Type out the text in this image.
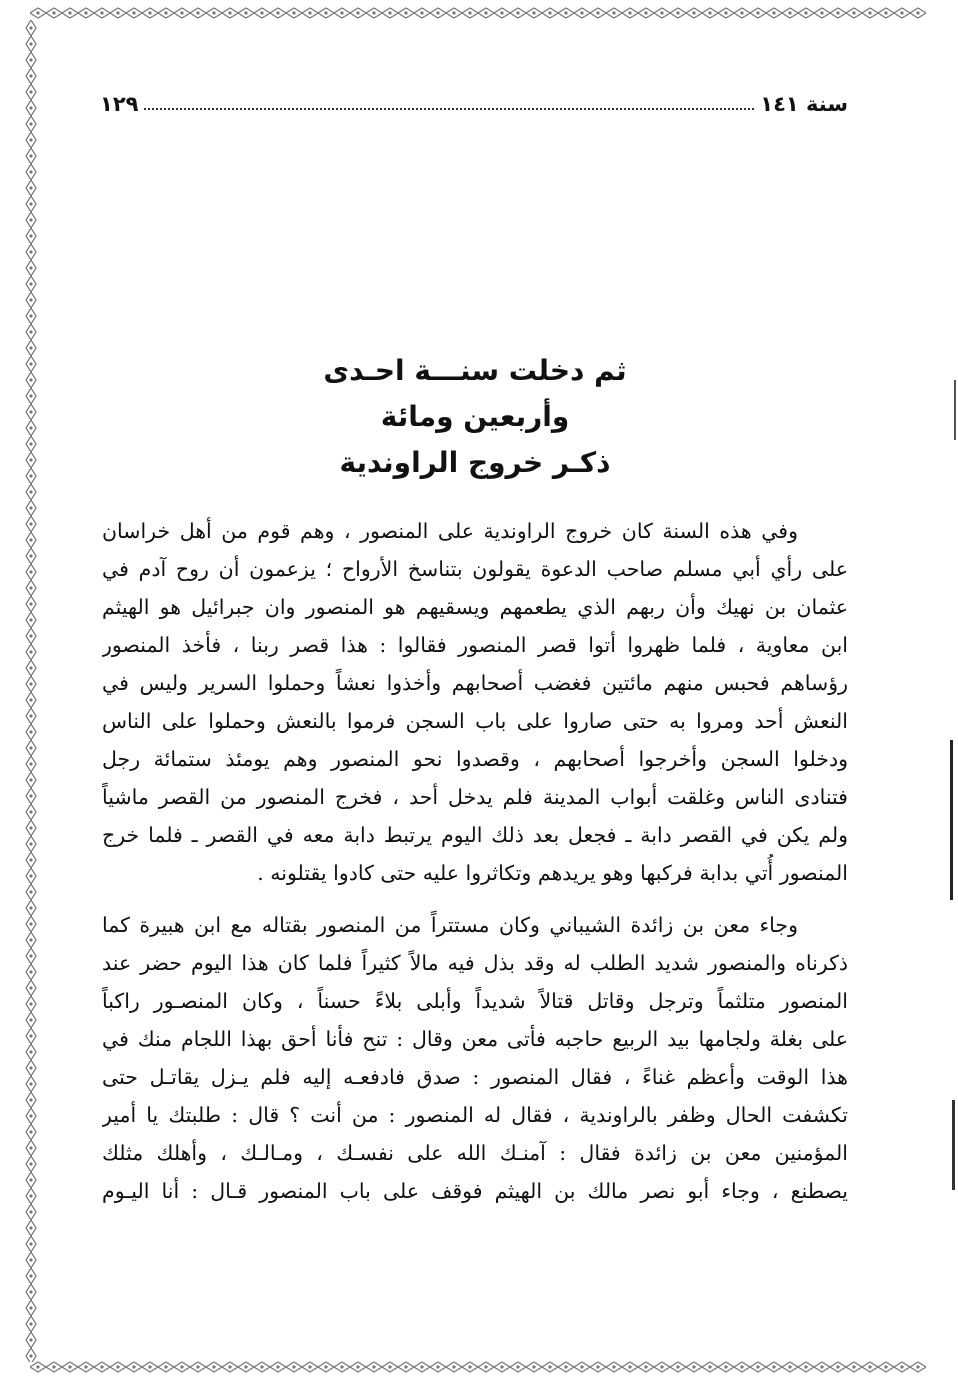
سنة ١٤١
١٢٩
ثم دخلت سنـــة احـدى
وأربعين ومائة
ذكـر خروج الراوندية
وفي هذه السنة كان خروج الراوندية على المنصور ، وهم قوم من أهل خراسان
على رأي أبي مسلم صاحب الدعوة يقولون بتناسخ الأرواح ؛ يزعمون أن روح آدم في
عثمان بن نهيك وأن ربهم الذي يطعمهم ويسقيهم هو المنصور وان جبرائيل هو الهيثم
ابن معاوية ، فلما ظهروا أتوا قصر المنصور فقالوا : هذا قصر ربنا ، فأخذ المنصور
رؤساهم فحبس منهم مائتين فغضب أصحابهم وأخذوا نعشاً وحملوا السرير وليس في
النعش أحد ومروا به حتى صاروا على باب السجن فرموا بالنعش وحملوا على الناس
ودخلوا السجن وأخرجوا أصحابهم ، وقصدوا نحو المنصور وهم يومئذ ستمائة رجل
فتنادى الناس وغلقت أبواب المدينة فلم يدخل أحد ، فخرج المنصور من القصر ماشياً
ولم يكن في القصر دابة ـ فجعل بعد ذلك اليوم يرتبط دابة معه في القصر ـ فلما خرج
المنصور أُتي بدابة فركبها وهو يريدهم وتكاثروا عليه حتى كادوا يقتلونه .
وجاء معن بن زائدة الشيباني وكان مستتراً من المنصور بقتاله مع ابن هبيرة كما
ذكرناه والمنصور شديد الطلب له وقد بذل فيه مالاً كثيراً فلما كان هذا اليوم حضر عند
المنصور متلثماً وترجل وقاتل قتالاً شديداً وأبلى بلاءً حسناً ، وكان المنصـور راكباً
على بغلة ولجامها بيد الربيع حاجبه فأتى معن وقال : تنح فأنا أحق بهذا اللجام منك في
هذا الوقت وأعظم غناءً ، فقال المنصور : صدق فادفعـه إليه فلم يـزل يقاتـل حتى
تكشفت الحال وظفر بالراوندية ، فقال له المنصور : من أنت ؟ قال : طلبتك يا أمير
المؤمنين معن بن زائدة فقال : آمنـك الله على نفسـك ، ومـالـك ، وأهلك مثلك
يصطنع ، وجاء أبو نصر مالك بن الهيثم فوقف على باب المنصور قـال : أنا اليـوم
